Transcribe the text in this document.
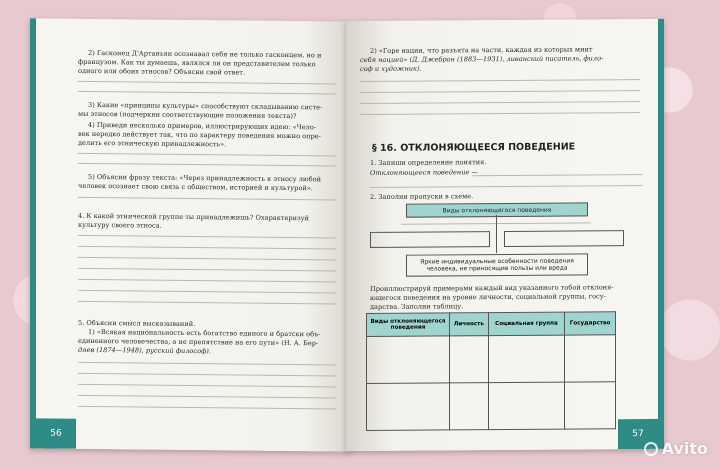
2) Гасконец Д'Артаньян осознавал себя не только гасконцем, но и
французом. Как ты думаешь, являлся ли он представителем только
одного или обоих этносов? Объясни свой ответ.
3) Какие «принципы культуры» способствуют складыванию систе-
мы этносов (подчеркни соответствующие положения текста)?
4) Приведи несколько примеров, иллюстрирующих идею: «Чело-
век нередко действует так, что по характеру поведения можно опре-
делить его этническую принадлежность».
5) Объясни фразу текста: «Через принадлежность к этносу любой
человек осознает свою связь с обществом, историей и культурой».
4. К какой этнической группе ты принадлежишь? Охарактеризуй
культуру своего этноса.
5. Объясни смысл высказываний.
1) «Всякая национальность есть богатство единого и братски объ-
единенного человечества, а не препятствие на его пути» (Н. А. Бер-
дяев (1874—1948), русский философ).
56
2) «Горе нации, что разъята на части, каждая из которых мнит
себя нацией» (Д. Джебран (1883—1931), ливанский писатель, фило-
соф и художник).
§ 16. ОТКЛОНЯЮЩЕЕСЯ ПОВЕДЕНИЕ
1. Запиши определение понятия.
Отклоняющееся поведение —
2. Заполни пропуски в схеме.
Виды отклоняющегося поведения
Яркие индивидуальные особенности поведения человека, не приносящие пользы или вреда
Проиллюстрируй примерами каждый вид указанного тобой отклоня-
ющегося поведения на уровне личности, социальной группы, госу-
дарства. Заполни таблицу.
Виды отклоняющегося поведения	Личность	Социальная группа	Государство

57
Avito
